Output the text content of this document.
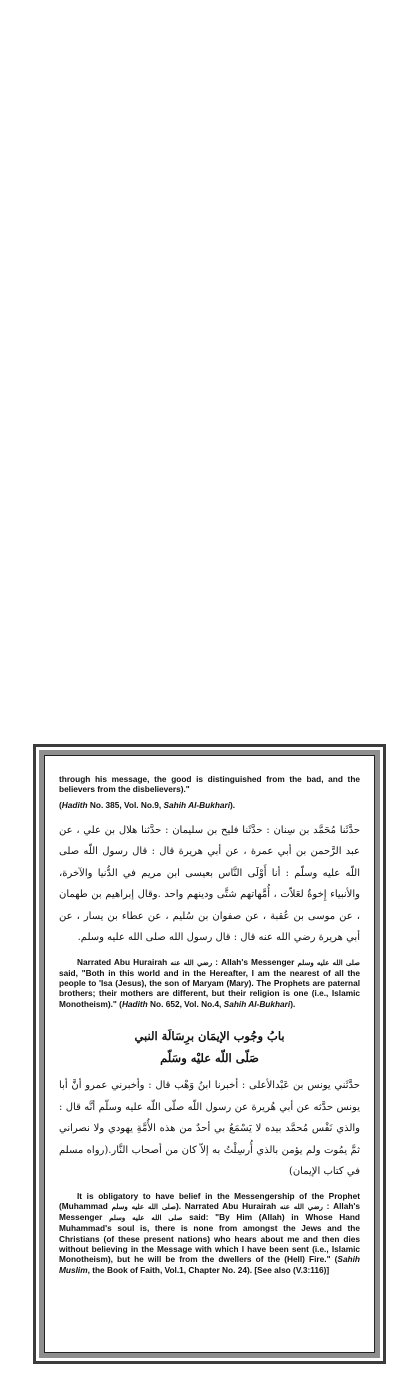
through his message, the good is distinguished from the bad, and the believers from the disbelievers)."

(Hadith No. 385, Vol. No.9, Sahih Al-Bukhari).

حدَّثَنا مُحَمَّد بن سِنان : حدَّثَنا فليح بن سليمان : حدَّثنا هلال بن علي ، عن عبد الرَّحمن بن أبي عمرة ، عن أبي هريرة قال : قال رسول اللّه صلى اللّه عليه وسلّم : أنا أَوْلَى النَّاس بعيسى ابن مريم في الدُّنيا والآخرة، والأنبياء إِخوةٌ لعَلاّت ، أُمَّهاتهم شتَّى ودينهم واحد .وقال إبراهيم بن طهمان ، عن موسى بن عُقبة ، عن صفوان بن سُليم ، عن عطاء بن يسار ، عن أبي هريرة رضي الله عنه قال : قال رسول الله صلى الله عليه وسلم.

Narrated Abu Hurairah رضي الله عنه : Allah's Messenger صلى الله عليه وسلم said, "Both in this world and in the Hereafter, I am the nearest of all the people to 'Isa (Jesus), the son of Maryam (Mary). The Prophets are paternal brothers; their mothers are different, but their religion is one (i.e., Islamic Monotheism)." (Hadith No. 652, Vol. No.4, Sahih Al-Bukhari).

بابُ وجُوب الإيمَان برِسَالَة النبي
صَلّى اللّه عليْه وسَلّم

حدَّثَني يونس بن عَبْدالأعلى : أخبرنا ابنُ وَهْب قال : وأخبرني عمرو أنَّ أبا يونس حدَّثه عن أبي هُريرة عن رسول اللّه صلّى اللّه عليه وسلّم أنَّه قال : والذي نَفْس مُحمَّد بيده لا يَسْمَعُ بي أحدٌ من هذه الأُمَّةِ يهودي ولا نصراني ثمَّ يمُوت ولم يؤمن بالذي أُرسِلْتُ به إلاّ كان من أصحاب النَّار.(رواه مسلم في كتاب الإيمان)

It is obligatory to have belief in the Messengership of the Prophet (Muhammad صلى الله عليه وسلم). Narrated Abu Hurairah رضي الله عنه : Allah's Messenger صلى الله عليه وسلم said: "By Him (Allah) in Whose Hand Muhammad's soul is, there is none from amongst the Jews and the Christians (of these present nations) who hears about me and then dies without believing in the Message with which I have been sent (i.e., Islamic Monotheism), but he will be from the dwellers of the (Hell) Fire." (Sahih Muslim, the Book of Faith, Vol.1, Chapter No. 24). [See also (V.3:116)]
